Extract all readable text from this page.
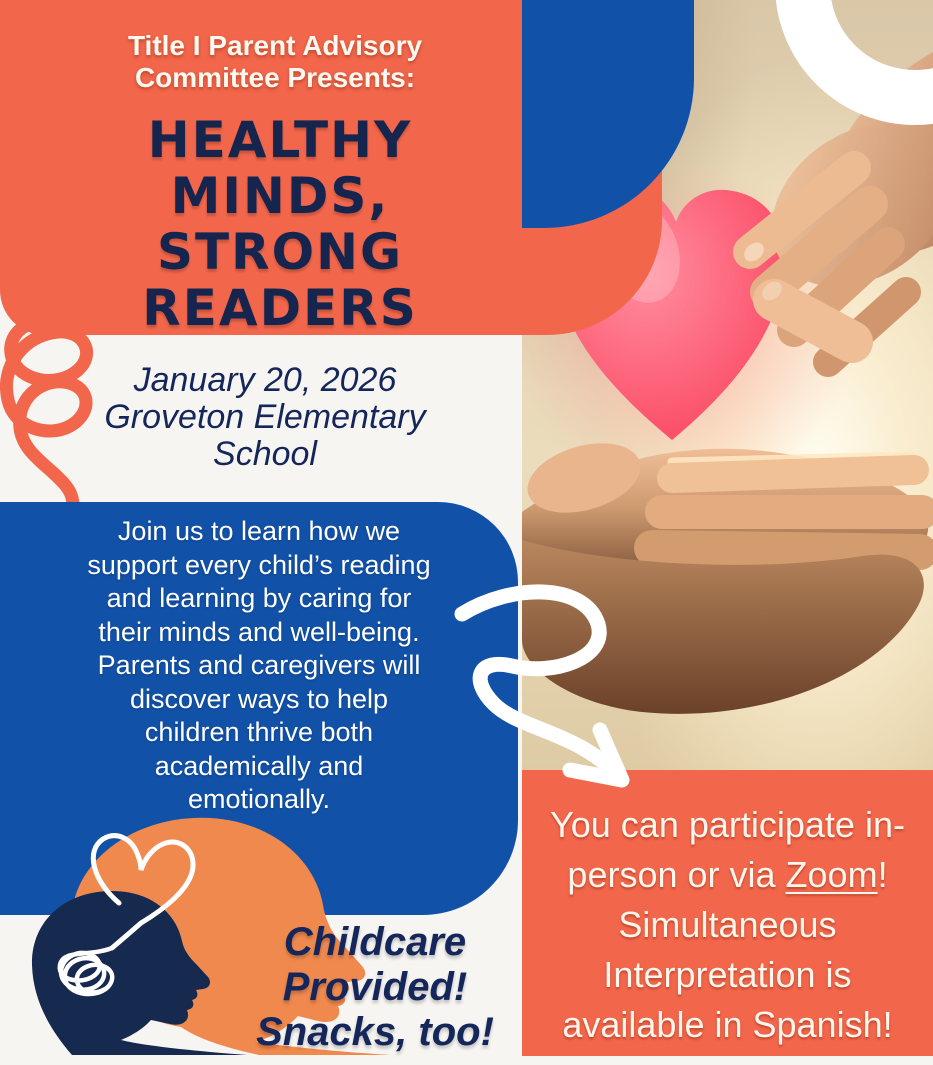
Title I Parent Advisory
Committee Presents:
HEALTHY
MINDS,
STRONG
READERS
January 20, 2026
Groveton Elementary
School
Join us to learn how we
support every child’s reading
and learning by caring for
their minds and well-being.
Parents and caregivers will
discover ways to help
children thrive both
academically and
emotionally.
Childcare
Provided!
Snacks, too!
You can participate in-
person or via Zoom!
Simultaneous
Interpretation is
available in Spanish!
